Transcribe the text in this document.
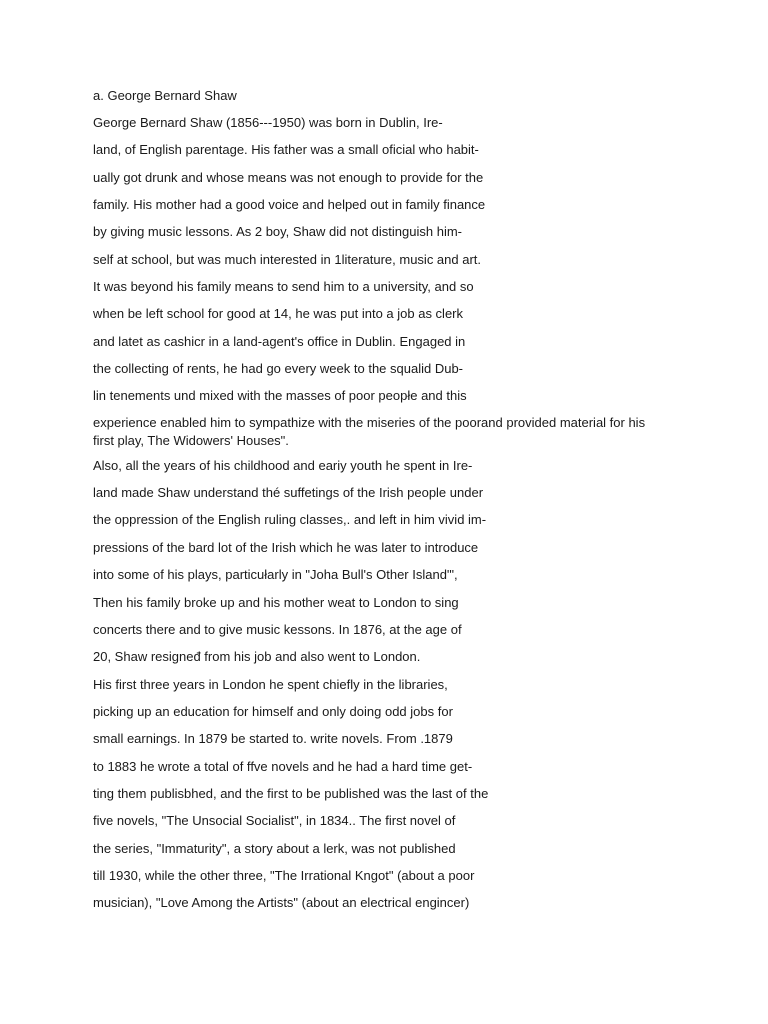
a. George Bernard Shaw
George Bernard Shaw (1856---1950) was born in Dublin, Ire-
land, of English parentage. His father was a small oficial who habit-
ually got drunk and whose means was not enough to provide for the
family. His mother had a good voice and helped out in family finance
by giving music lessons. As 2 boy, Shaw did not distinguish him-
self at school, but was much interested in 1literature, music and art.
It was beyond his family means to send him to a university, and so
when be left school for good at 14, he was put into a job as clerk
and latet as cashicr in a land-agent's office in Dublin. Engaged in
the collecting of rents, he had go every week to the squalid Dub-
lin tenements und mixed with the masses of poor peopłe and this
experience enabled him to sympathize with the miseries of the poorand provided material for his first play, The Widowers' Houses".
Also, all the years of his childhood and eariy youth he spent in Ire-
land made Shaw understand thé suffetings of the Irish people under
the oppression of the English ruling classes,. and left in him vivid im-
pressions of the bard lot of the Irish which he was later to introduce
into some of his plays, particułarly in "Joha Bull's Other Island'",
Then his family broke up and his mother weat to London to sing
concerts there and to give music kessons. In 1876, at the age of
20, Shaw resigneđ from his job and also went to London.
His first three years in London he spent chiefly in the libraries,
picking up an education for himself and only doing odd jobs for
small earnings. In 1879 be started to. write novels. From .1879
to 1883 he wrote a total of ffve novels and he had a hard time get-
ting them publisbhed, and the first to be published was the last of the
five novels, "The Unsocial Socialist", in 1834.. The first novel of
the series, "Immaturity", a story about a lerk, was not published
till 1930, while the other three, "The Irrational Kngot" (about a poor
musician), "Love Among the Artists" (about an electrical engincer)
